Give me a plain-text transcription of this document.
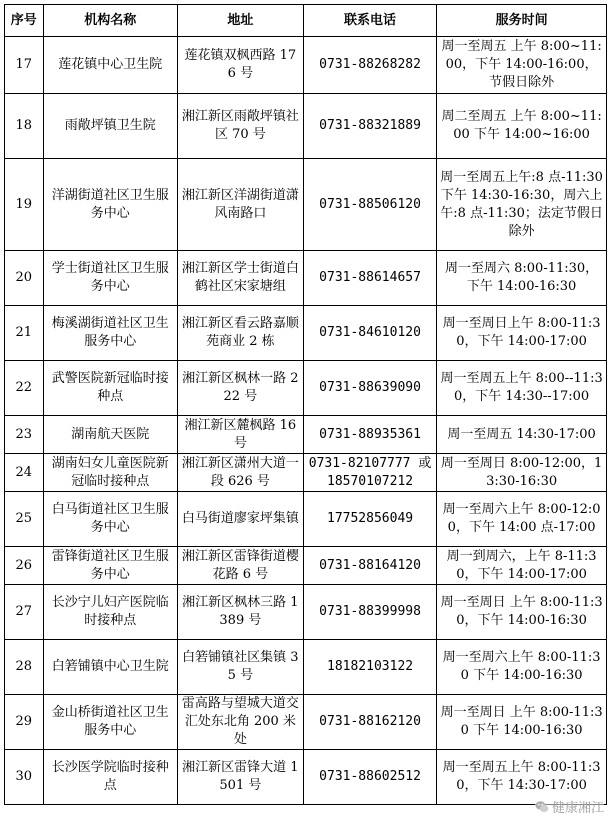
序号	机构名称	地址	联系电话	服务时间
17	莲花镇中心卫生院	莲花镇双枫西路 176 号	0731-88268282	周一至周五 上午 8:00~11:00，下午 14:00-16:00，节假日除外
18	雨敞坪镇卫生院	湘江新区雨敞坪镇社区 70 号	0731-88321889	周二至周五 上午 8:00~11:00 下午 14:00~16:00
19	洋湖街道社区卫生服务中心	湘江新区洋湖街道潇风南路口	0731-88506120	周一至周五上午:8 点-11:30 下午 14:30-16:30，周六上午:8 点-11:30；法定节假日除外
20	学士街道社区卫生服务中心	湘江新区学士街道白鹤社区宋家塘组	0731-88614657	周一至周六 8:00-11:30，下午 14:00-16:30
21	梅溪湖街道社区卫生服务中心	湘江新区看云路嘉顺苑商业 2 栋	0731-84610120	周一至周日上午 8:00-11:30，下午 14:00-17:00
22	武警医院新冠临时接种点	湘江新区枫林一路 222 号	0731-88639090	周一至周五上午 8:00--11:30，下午 14:30--17:00
23	湖南航天医院	湘江新区麓枫路 16 号	0731-88935361	周一至周五 14:30-17:00
24	湖南妇女儿童医院新冠临时接种点	湘江新区潇州大道一段 626 号	0731-82107777 或 18570107212	周一至周日 8:00-12:00，13:30-16:30
25	白马街道社区卫生服务中心	白马街道廖家坪集镇	17752856049	周一至周六上午 8:00-12:00，下午 14:00 点-17:00
26	雷锋街道社区卫生服务中心	湘江新区雷锋街道樱花路 6 号	0731-88164120	周一到周六，上午 8-11:30，下午 14:00-17:00
27	长沙宁儿妇产医院临时接种点	湘江新区枫林三路 1389 号	0731-88399998	周一至周日 上午 8:00-11:30，下午 14:00-16:30
28	白箬铺镇中心卫生院	白箬铺镇社区集镇 35 号	18182103122	周一至周六上午 8:00-11:30 下午 14:00-16:30
29	金山桥街道社区卫生服务中心	雷高路与望城大道交汇处东北角 200 米处	0731-88162120	周一至周日 上午 8:00-11:30 下午 14:00-16:30
30	长沙医学院临时接种点	湘江新区雷锋大道 1501 号	0731-88602512	周一至周五上午 8:00-11:30，下午 14:30-17:00
健康湘江
